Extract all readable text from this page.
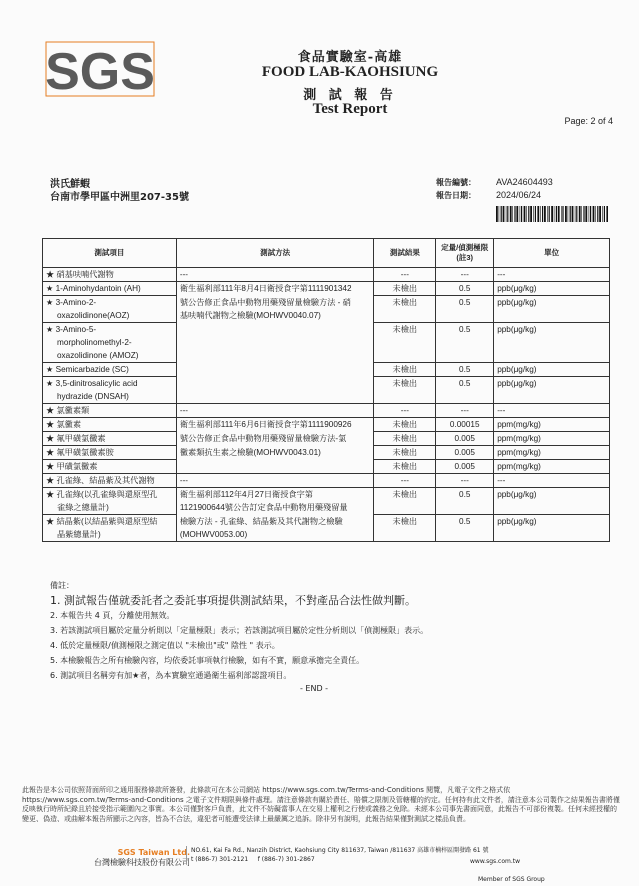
SGS	食品實驗室-高雄
FOOD LAB-KAOHSIUNG
測 試 報 告
Test Report
Page: 2 of 4
洪氏鮮蝦
台南市學甲區中洲里207-35號
報告編號：
報告日期：
AVA24604493
2024/06/24
測試項目	測試方法	測試結果	定量/偵測極限(註3)	單位
★ 硝基呋喃代謝物	---	---	---	---
★ 1-Aminohydantoin (AH)	衛生福利部111年8月4日衛授食字第1111901342	未檢出	0.5	ppb(μg/kg)
★ 3-Amino-2-	號公告修正食品中動物用藥殘留量檢驗方法 - 硝	未檢出	0.5	ppb(μg/kg)
oxazolidinone(AOZ)	基呋喃代謝物之檢驗(MOHWV0040.07)			
★ 3-Amino-5-		未檢出	0.5	ppb(μg/kg)
morpholinomethyl-2-				
oxazolidinone (AMOZ)				
★ Semicarbazide (SC)		未檢出	0.5	ppb(μg/kg)
★ 3,5-dinitrosalicylic acid		未檢出	0.5	ppb(μg/kg)
hydrazide (DNSAH)				
★ 氯黴素類	---	---	---	---
★ 氯黴素	衛生福利部111年6月6日衛授食字第1111900926	未檢出	0.00015	ppm(mg/kg)
★ 氟甲磺氯黴素	號公告修正食品中動物用藥殘留量檢驗方法-氯	未檢出	0.005	ppm(mg/kg)
★ 氟甲磺氯黴素胺	黴素類抗生素之檢驗(MOHWV0043.01)	未檢出	0.005	ppm(mg/kg)
★ 甲磺氯黴素		未檢出	0.005	ppm(mg/kg)
★ 孔雀綠、結晶紫及其代謝物	---	---	---	---
★ 孔雀綠(以孔雀綠與還原型孔	衛生福利部112年4月27日衛授食字第	未檢出	0.5	ppb(μg/kg)
雀綠之總量計)	1121900644號公告訂定食品中動物用藥殘留量			
★ 結晶紫(以結晶紫與還原型結	檢驗方法 - 孔雀綠、結晶紫及其代謝物之檢驗	未檢出	0.5	ppb(μg/kg)
晶紫總量計)	(MOHWV0053.00)			
備註：
1. 測試報告僅就委託者之委託事項提供測試結果，不對產品合法性做判斷。
2. 本報告共 4 頁，分離使用無效。
3. 若該測試項目屬於定量分析則以「定量極限」表示；若該測試項目屬於定性分析則以「偵測極限」表示。
4. 低於定量極限/偵測極限之測定值以 "未檢出"或" 陰性 " 表示。
5. 本檢驗報告之所有檢驗內容，均依委託事項執行檢驗，如有不實，願意承擔完全責任。
6. 測試項目名稱旁有加★者，為本實驗室通過衛生福利部認證項目。
- END -
此報告是本公司依照背面所印之通用服務條款所簽發，此條款可在本公司網站 https://www.sgs.com.tw/Terms-and-Conditions 閱覽，凡電子文件之格式依 https://www.sgs.com.tw/Terms-and-Conditions 之電子文件期限與條件處理。請注意條款有關於責任、賠償之限制及管轄權的約定。任何持有此文件者，請注意本公司製作之結果報告書將僅反映執行時所紀錄且於接受指示範圍內之事實。本公司僅對客戶負責，此文件不妨礙當事人在交易上權利之行使或義務之免除。未經本公司事先書面同意，此報告不可部份複製。任何未經授權的變更、偽造、或曲解本報告所顯示之內容，皆為不合法，違犯者可能遭受法律上最嚴厲之追訴。除非另有說明，此報告結果僅對測試之樣品負責。
SGS Taiwan Ltd.
台灣檢驗科技股份有限公司
NO.61, Kai Fa Rd., Nanzih District, Kaohsiung City 811637, Taiwan /811637 高雄市楠梓區開發路 61 號
t (886-7) 301-2121 f (886-7) 301-2867	www.sgs.com.tw
Member of SGS Group
